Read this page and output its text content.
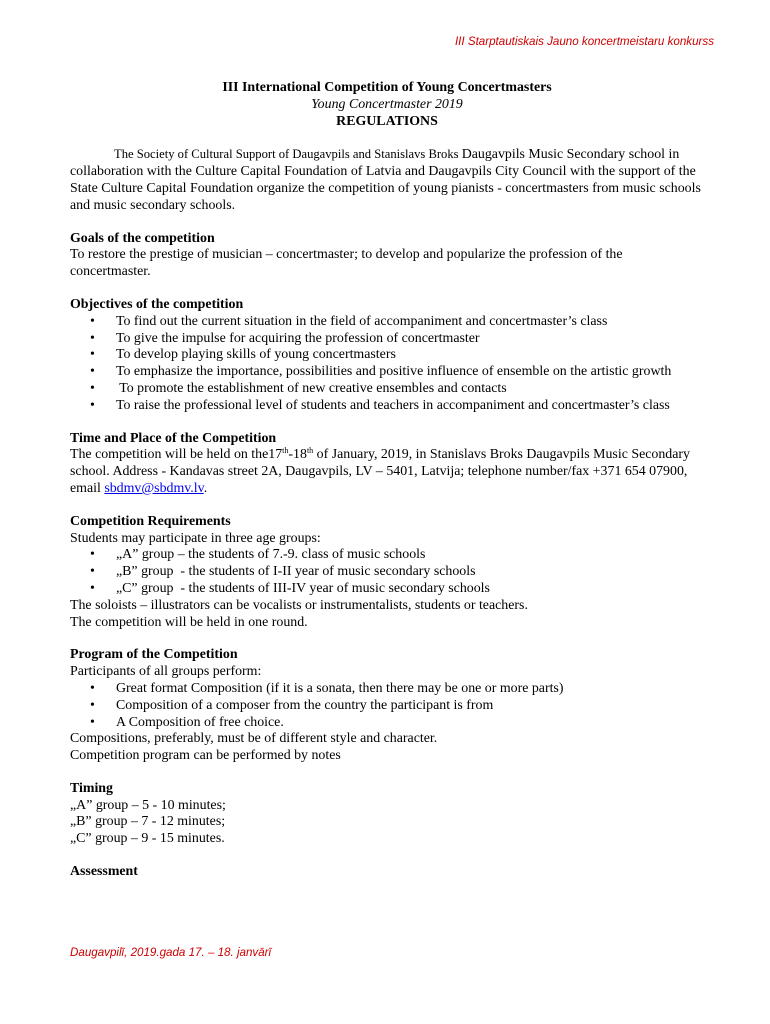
III Starptautiskais Jauno koncertmeistaru konkurss
III International Competition of Young Concertmasters
Young Concertmaster 2019
REGULATIONS

The Society of Cultural Support of Daugavpils and Stanislavs Broks Daugavpils Music Secondary school in collaboration with the Culture Capital Foundation of Latvia and Daugavpils City Council with the support of the State Culture Capital Foundation organize the competition of young pianists - concertmasters from music schools and music secondary schools.

Goals of the competition

To restore the prestige of musician – concertmaster; to develop and popularize the profession of the concertmaster.

Objectives of the competition
• To find out the current situation in the field of accompaniment and concertmaster’s class
• To give the impulse for acquiring the profession of concertmaster
• To develop playing skills of young concertmasters
• To emphasize the importance, possibilities and positive influence of ensemble on the artistic growth
• To promote the establishment of new creative ensembles and contacts
• To raise the professional level of students and teachers in accompaniment and concertmaster’s class
Time and Place of the Competition

The competition will be held on the17th-18th of January, 2019, in Stanislavs Broks Daugavpils Music Secondary school. Address - Kandavas street 2A, Daugavpils, LV – 5401, Latvija; telephone number/fax +371 654 07900, email sbdmv@sbdmv.lv.

Competition Requirements

Students may participate in three age groups:

• „A” group – the students of 7.-9. class of music schools
• „B” group  - the students of I-II year of music secondary schools
• „C” group  - the students of III-IV year of music secondary schools

The soloists – illustrators can be vocalists or instrumentalists, students or teachers.

The competition will be held in one round.

Program of the Competition

Participants of all groups perform:

• Great format Composition (if it is a sonata, then there may be one or more parts)
• Composition of a composer from the country the participant is from
• A Composition of free choice.

Compositions, preferably, must be of different style and character.

Competition program can be performed by notes

Timing

„A” group – 5 - 10 minutes;

„B” group – 7 - 12 minutes;

„C” group – 9 - 15 minutes.

Assessment
Daugavpilī, 2019.gada 17. – 18. janvārī
